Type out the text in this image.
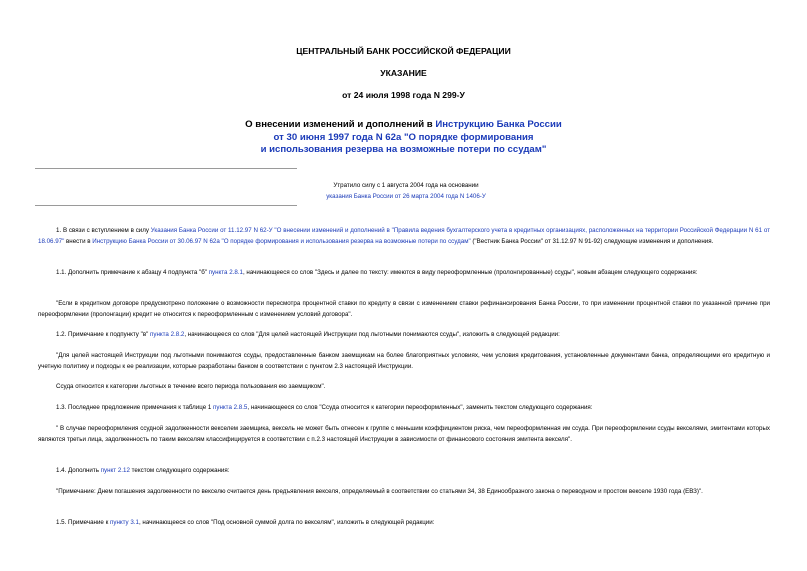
ЦЕНТРАЛЬНЫЙ БАНК РОССИЙСКОЙ ФЕДЕРАЦИИ
УКАЗАНИЕ
от 24 июля 1998 года N 299-У
О внесении изменений и дополнений в Инструкцию Банка России
от 30 июня 1997 года N 62а "О порядке формирования
и использования резерва на возможные потери по ссудам"
Утратило силу с 1 августа 2004 года на основании
указания Банка России от 26 марта 2004 года N 1406-У
1. В связи с вступлением в силу Указания Банка России от 11.12.97 N 62-У "О внесении изменений и дополнений в "Правила ведения бухгалтерского учета в кредитных организациях, расположенных на территории Российской Федерации N 61 от 18.06.97" внести в Инструкцию Банка России от 30.06.97 N 62а "О порядке формирования и использования резерва на возможные потери по ссудам" ("Вестник Банка России" от 31.12.97 N 91-92) следующие изменения и дополнения.
1.1. Дополнить примечание к абзацу 4 подпункта "б" пункта 2.8.1, начинающееся со слов "Здесь и далее по тексту: имеются в виду переоформленные (пролонгированные) ссуды", новым абзацем следующего содержания:
"Если в кредитном договоре предусмотрено положение о возможности пересмотра процентной ставки по кредиту в связи с изменением ставки рефинансирования Банка России, то при изменении процентной ставки по указанной причине при переоформлении (пролонгации) кредит не относится к переоформленным с изменением условий договора".
1.2. Примечание к подпункту "в" пункта 2.8.2, начинающееся со слов "Для целей настоящей Инструкции под льготными понимаются ссуды", изложить в следующей редакции:
"Для целей настоящей Инструкции под льготными понимаются ссуды, предоставленные банком заемщикам на более благоприятных условиях, чем условия кредитования, установленные документами банка, определяющими его кредитную и учетную политику и подходы к ее реализации, которые разработаны банком в соответствии с пунктом 2.3 настоящей Инструкции.
Ссуда относится к категории льготных в течение всего периода пользования ею заемщиком".
1.3. Последнее предложение примечания к таблице 1 пункта 2.8.5, начинающееся со слов "Ссуда относится к категории переоформленных", заменить текстом следующего содержания:
" В случае переоформления ссудной задолженности векселем заемщика, вексель не может быть отнесен к группе с меньшим коэффициентом риска, чем переоформленная им ссуда. При переоформлении ссуды векселями, эмитентами которых являются третьи лица, задолженность по таким векселям классифицируется в соответствии с п.2.3 настоящей Инструкции в зависимости от финансового состояния эмитента векселя".
1.4. Дополнить пункт 2.12 текстом следующего содержания:
"Примечание: Днем погашения задолженности по векселю считается день предъявления векселя, определяемый в соответствии со статьями 34, 38 Единообразного закона о переводном и простом векселе 1930 года (ЕВЗ)".
1.5. Примечание к пункту 3.1, начинающееся со слов "Под основной суммой долга по векселям", изложить в следующей редакции:
